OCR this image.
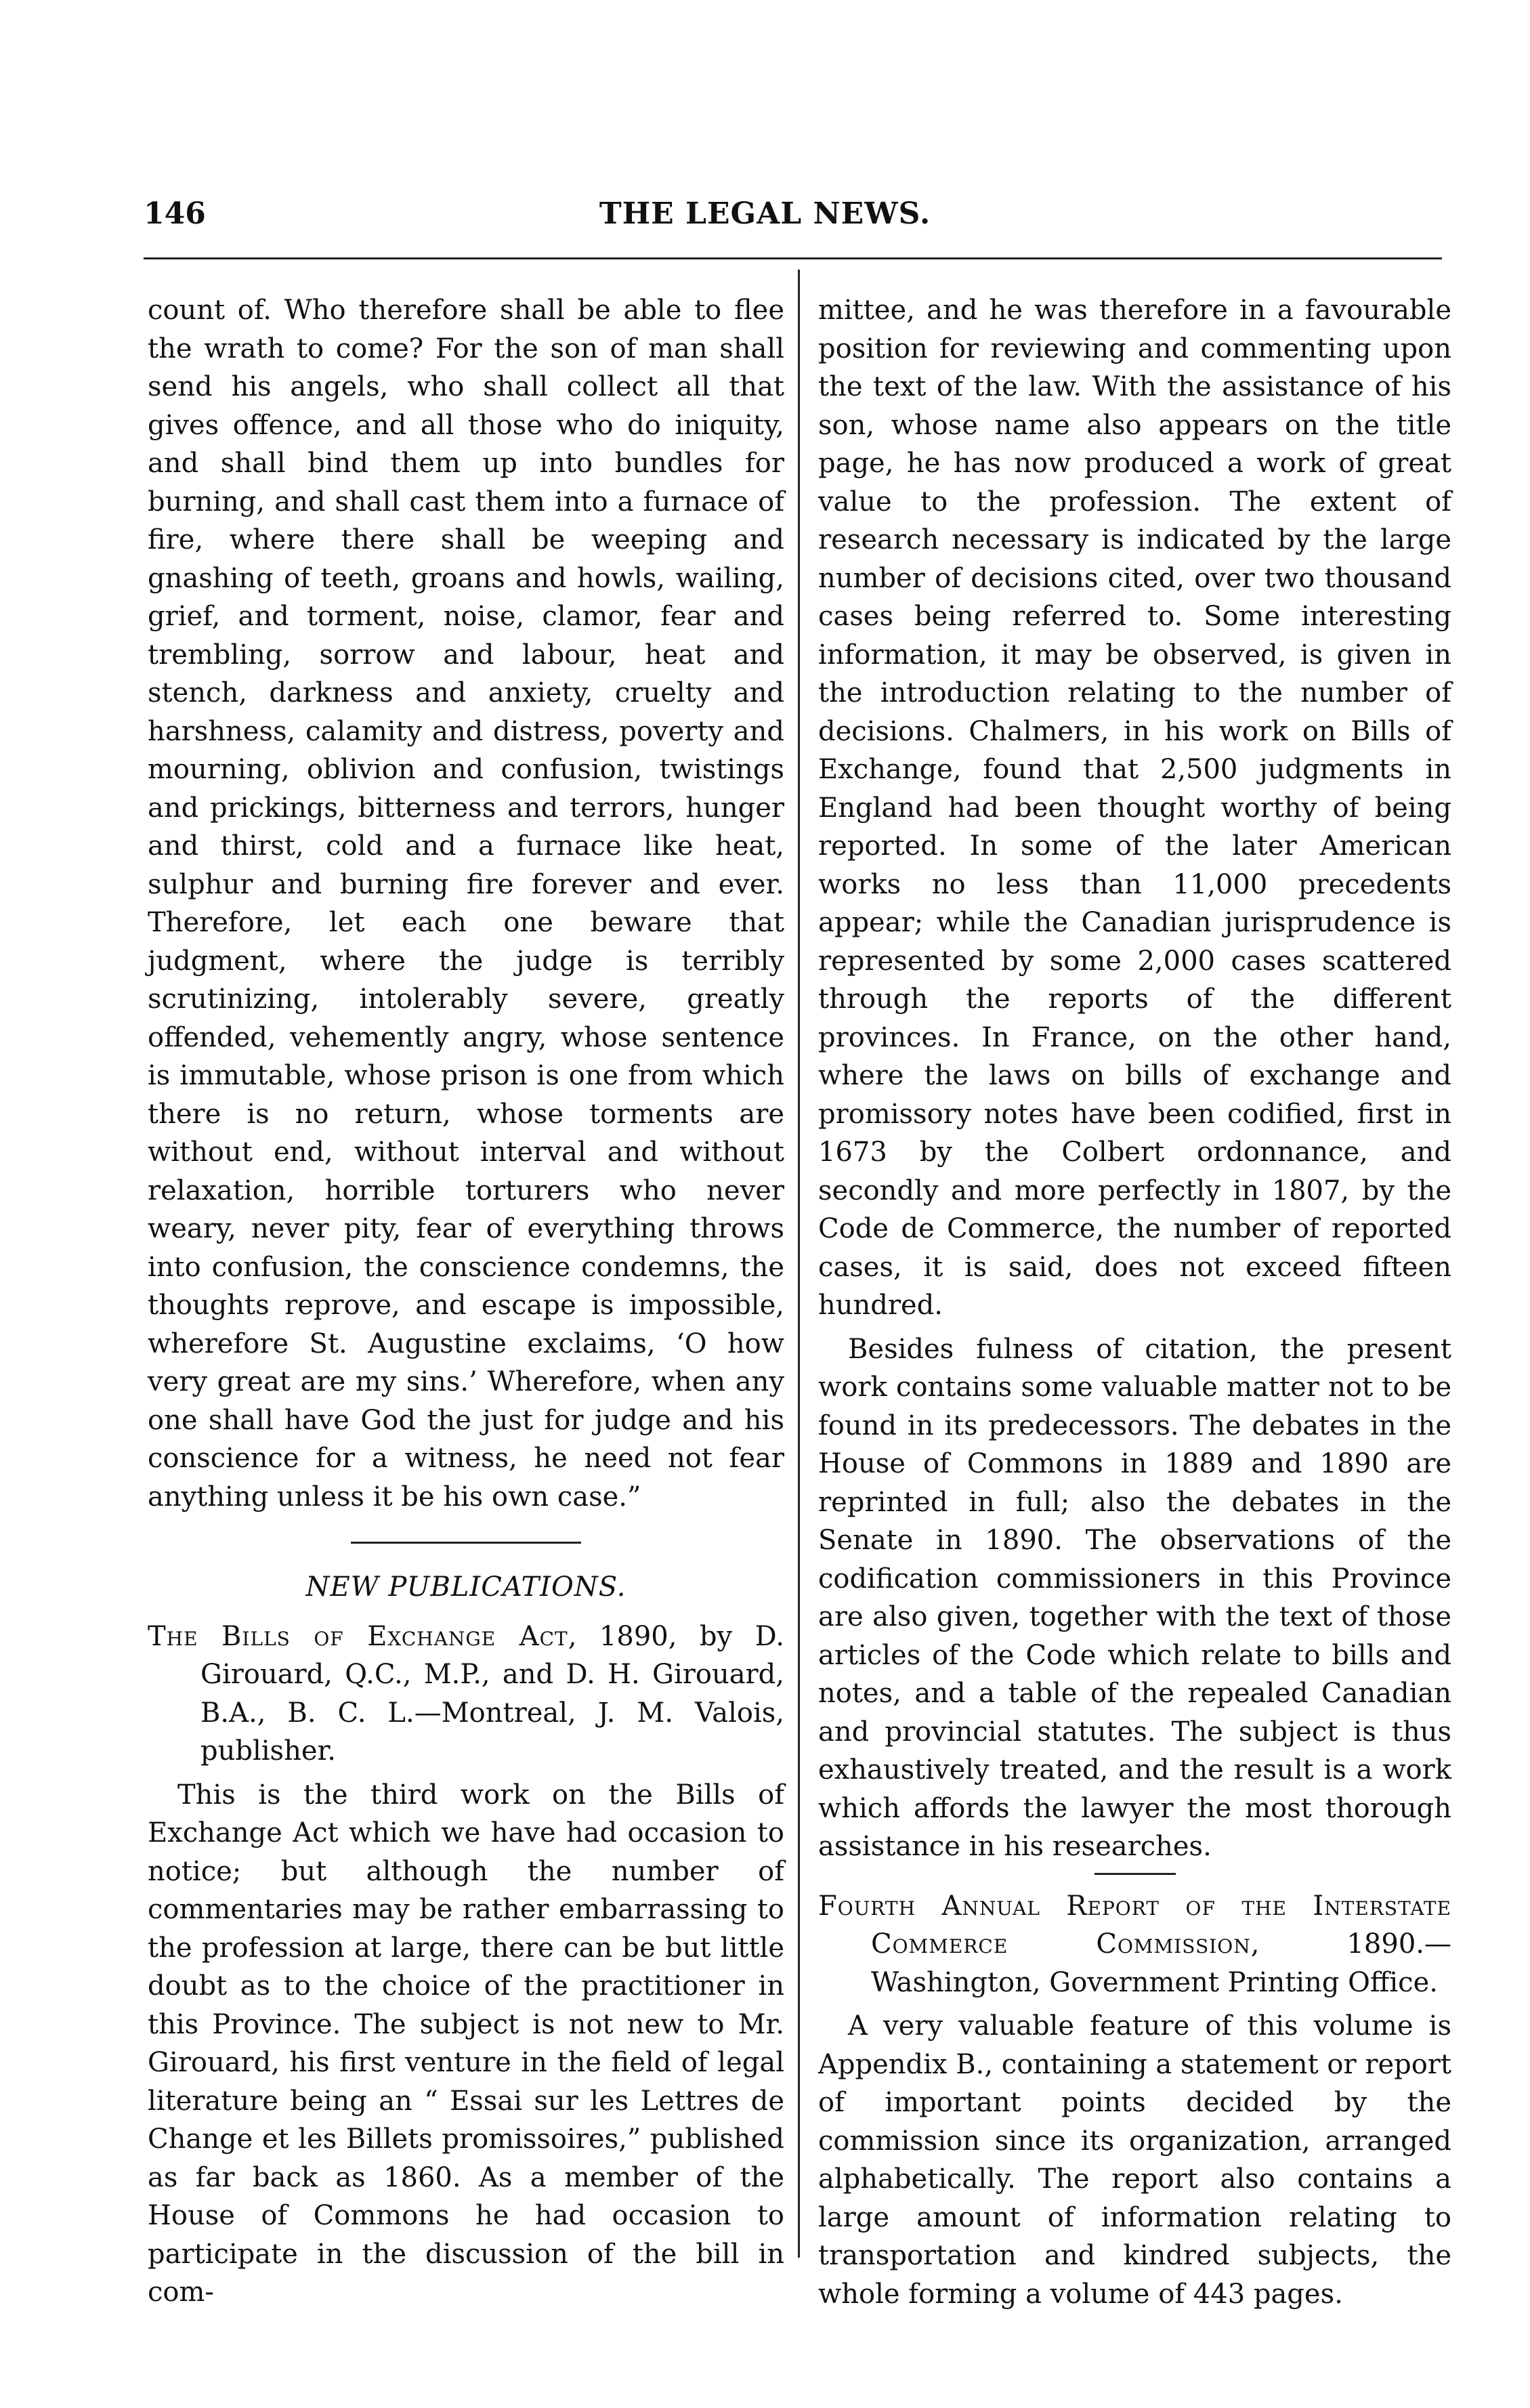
146	THE LEGAL NEWS.

count of. Who therefore shall be able to flee the wrath to come? For the son of man shall send his angels, who shall collect all that gives offence, and all those who do iniquity, and shall bind them up into bundles for burning, and shall cast them into a furnace of fire, where there shall be weeping and gnashing of teeth, groans and howls, wailing, grief, and torment, noise, clamor, fear and trembling, sorrow and labour, heat and stench, darkness and anxiety, cruelty and harshness, calamity and distress, poverty and mourning, oblivion and confusion, twistings and prickings, bitterness and terrors, hunger and thirst, cold and a furnace like heat, sulphur and burning fire forever and ever. Therefore, let each one beware that judgment, where the judge is terribly scrutinizing, intolerably severe, greatly offended, vehemently angry, whose sentence is immutable, whose prison is one from which there is no return, whose torments are without end, without interval and without relaxation, horrible torturers who never weary, never pity, fear of everything throws into confusion, the conscience condemns, the thoughts reprove, and escape is impossible, wherefore St. Augustine exclaims, ‘O how very great are my sins.’ Wherefore, when any one shall have God the just for judge and his conscience for a witness, he need not fear anything unless it be his own case.”

NEW PUBLICATIONS.

The Bills of Exchange Act, 1890, by D. Girouard, Q.C., M.P., and D. H. Girouard, B.A., B. C. L.—Montreal, J. M. Valois, publisher.

This is the third work on the Bills of Exchange Act which we have had occasion to notice; but although the number of commentaries may be rather embarrassing to the profession at large, there can be but little doubt as to the choice of the practitioner in this Province. The subject is not new to Mr. Girouard, his first venture in the field of legal literature being an “ Essai sur les Lettres de Change et les Billets promissoires,” published as far back as 1860. As a member of the House of Commons he had occasion to participate in the discussion of the bill in com-

mittee, and he was therefore in a favourable position for reviewing and commenting upon the text of the law. With the assistance of his son, whose name also appears on the title page, he has now produced a work of great value to the profession. The extent of research necessary is indicated by the large number of decisions cited, over two thousand cases being referred to. Some interesting information, it may be observed, is given in the introduction relating to the number of decisions. Chalmers, in his work on Bills of Exchange, found that 2,500 judgments in England had been thought worthy of being reported. In some of the later American works no less than 11,000 precedents appear; while the Canadian jurisprudence is represented by some 2,000 cases scattered through the reports of the different provinces. In France, on the other hand, where the laws on bills of exchange and promissory notes have been codified, first in 1673 by the Colbert ordonnance, and secondly and more perfectly in 1807, by the Code de Commerce, the number of reported cases, it is said, does not exceed fifteen hundred.

Besides fulness of citation, the present work contains some valuable matter not to be found in its predecessors. The debates in the House of Commons in 1889 and 1890 are reprinted in full; also the debates in the Senate in 1890. The observations of the codification commissioners in this Province are also given, together with the text of those articles of the Code which relate to bills and notes, and a table of the repealed Canadian and provincial statutes. The subject is thus exhaustively treated, and the result is a work which affords the lawyer the most thorough assistance in his researches.

Fourth Annual Report of the Interstate Commerce Commission, 1890.—Washington, Government Printing Office.

A very valuable feature of this volume is Appendix B., containing a statement or report of important points decided by the commission since its organization, arranged alphabetically. The report also contains a large amount of information relating to transportation and kindred subjects, the whole forming a volume of 443 pages.
